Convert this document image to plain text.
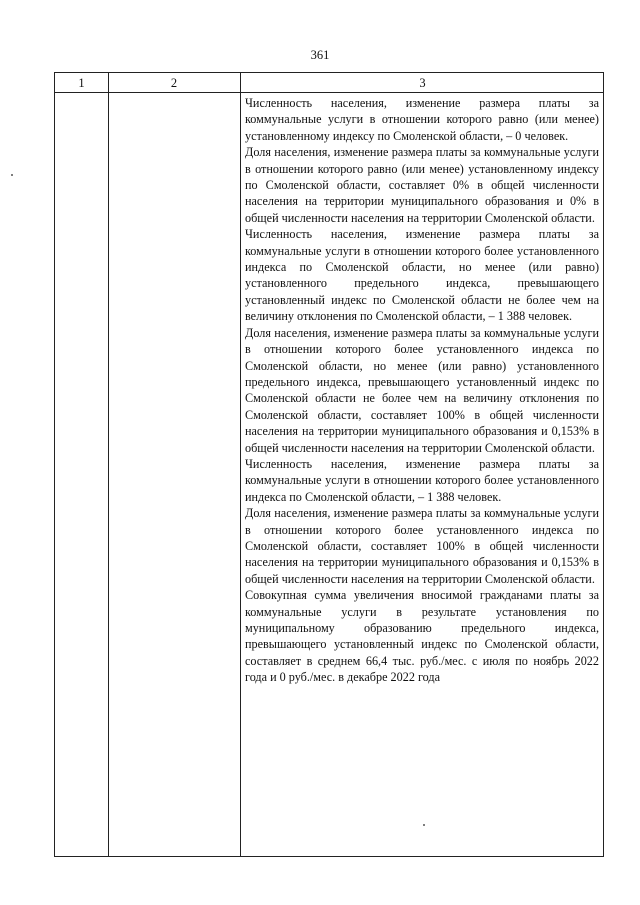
361
1	2	3

Численность населения, изменение размера платы за коммунальные услуги в отношении которого равно (или менее) установленному индексу по Смоленской области, – 0 человек.

Доля населения, изменение размера платы за коммунальные услуги в отношении которого равно (или менее) установленному индексу по Смоленской области, составляет 0% в общей численности населения на территории муниципального образования и 0% в общей численности населения на территории Смоленской области.

Численность населения, изменение размера платы за коммунальные услуги в отношении которого более установленного индекса по Смоленской области, но менее (или равно) установленного предельного индекса, превышающего установленный индекс по Смоленской области не более чем на величину отклонения по Смоленской области, – 1 388 человек.

Доля населения, изменение размера платы за коммунальные услуги в отношении которого более установленного индекса по Смоленской области, но менее (или равно) установленного предельного индекса, превышающего установленный индекс по Смоленской области не более чем на величину отклонения по Смоленской области, составляет 100% в общей численности населения на территории муниципального образования и 0,153% в общей численности населения на территории Смоленской области.

Численность населения, изменение размера платы за коммунальные услуги в отношении которого более установленного индекса по Смоленской области, – 1 388 человек.

Доля населения, изменение размера платы за коммунальные услуги в отношении которого более установленного индекса по Смоленской области, составляет 100% в общей численности населения на территории муниципального образования и 0,153% в общей численности населения на территории Смоленской области.

Совокупная сумма увеличения вносимой гражданами платы за коммунальные услуги в результате установления по муниципальному образованию предельного индекса, превышающего установленный индекс по Смоленской области, составляет в среднем 66,4 тыс. руб./мес. с июля по ноябрь 2022 года и 0 руб./мес. в декабре 2022 года
